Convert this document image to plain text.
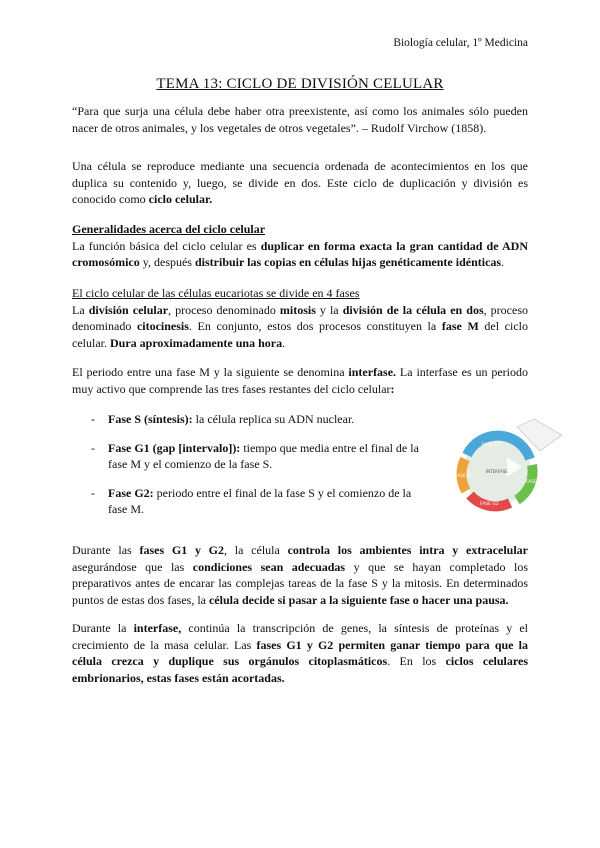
Biología celular, 1º Medicina
TEMA 13: CICLO DE DIVISIÓN CELULAR
“Para que surja una célula debe haber otra preexistente, así como los animales sólo pueden nacer de otros animales, y los vegetales de otros vegetales”. – Rudolf Virchow (1858).
Una célula se reproduce mediante una secuencia ordenada de acontecimientos en los que duplica su contenido y, luego, se divide en dos. Este ciclo de duplicación y división es conocido como ciclo celular.
Generalidades acerca del ciclo celular
La función básica del ciclo celular es duplicar en forma exacta la gran cantidad de ADN cromosómico y, después distribuir las copias en células hijas genéticamente idénticas.
El ciclo celular de las células eucariotas se divide en 4 fases
La división celular, proceso denominado mitosis y la división de la célula en dos, proceso denominado citocinesis. En conjunto, estos dos procesos constituyen la fase M del ciclo celular. Dura aproximadamente una hora.
El periodo entre una fase M y la siguiente se denomina interfase. La interfase es un periodo muy activo que comprende las tres fases restantes del ciclo celular:
- Fase S (síntesis): la célula replica su ADN nuclear.
- Fase G1 (gap [intervalo]): tiempo que media entre el final de la fase M y el comienzo de la fase S.
- Fase G2: periodo entre el final de la fase S y el comienzo de la fase M.
FASE G1
FASE S
FASE G2
FASE M
INTERFASE
Durante las fases G1 y G2, la célula controla los ambientes intra y extracelular asegurándose que las condiciones sean adecuadas y que se hayan completado los preparativos antes de encarar las complejas tareas de la fase S y la mitosis. En determinados puntos de estas dos fases, la célula decide si pasar a la siguiente fase o hacer una pausa.
Durante la interfase, continúa la transcripción de genes, la síntesis de proteínas y el crecimiento de la masa celular. Las fases G1 y G2 permiten ganar tiempo para que la célula crezca y duplique sus orgánulos citoplasmáticos. En los ciclos celulares embrionarios, estas fases están acortadas.
